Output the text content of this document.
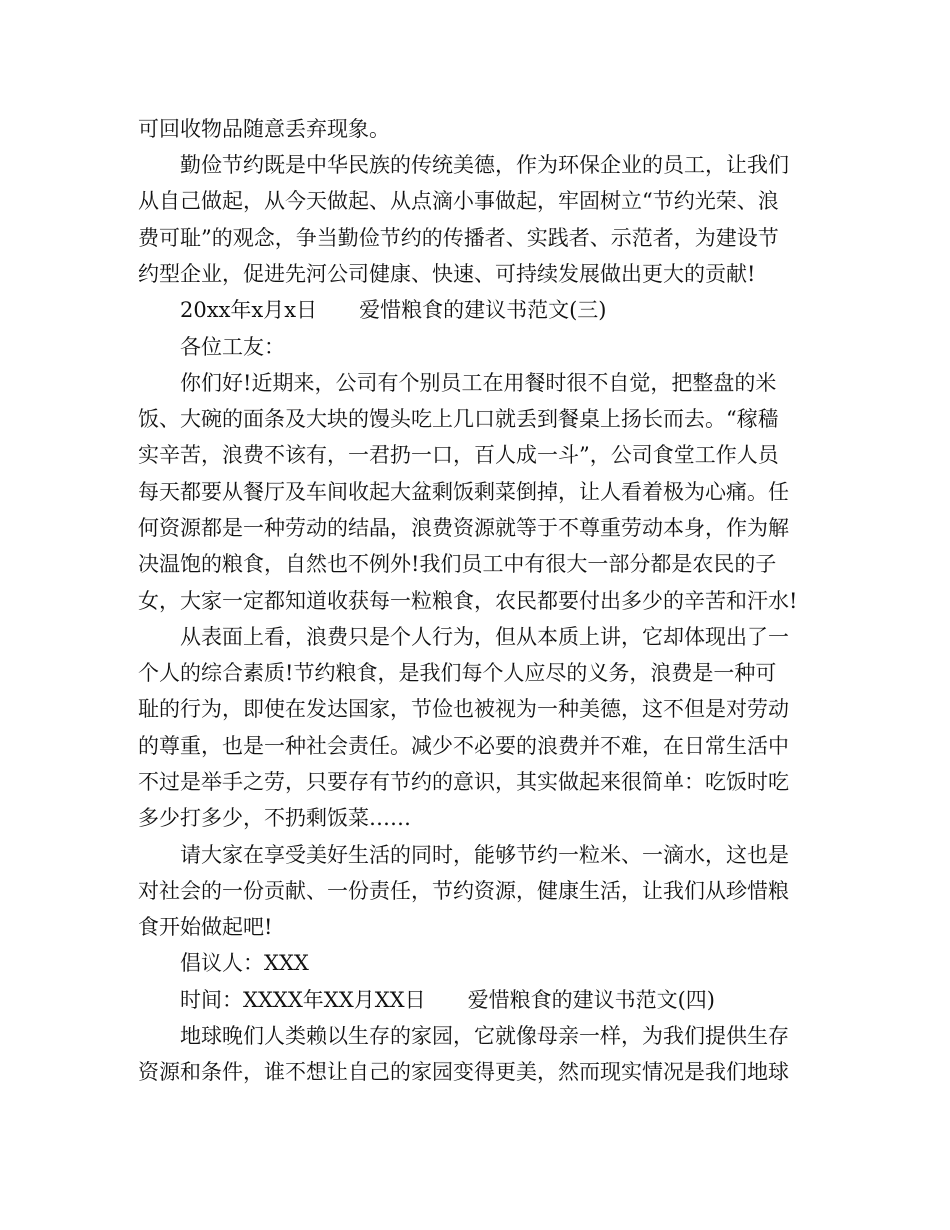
可回收物品随意丢弃现象。
勤俭节约既是中华民族的传统美德，作为环保企业的员工，让我们
从自己做起，从今天做起、从点滴小事做起，牢固树立“节约光荣、浪
费可耻”的观念，争当勤俭节约的传播者、实践者、示范者，为建设节
约型企业，促进先河公司健康、快速、可持续发展做出更大的贡献!
20xx年x月x日　　爱惜粮食的建议书范文(三)
各位工友：
你们好!近期来，公司有个别员工在用餐时很不自觉，把整盘的米
饭、大碗的面条及大块的馒头吃上几口就丢到餐桌上扬长而去。“稼穑
实辛苦，浪费不该有，一君扔一口，百人成一斗”，公司食堂工作人员
每天都要从餐厅及车间收起大盆剩饭剩菜倒掉，让人看着极为心痛。任
何资源都是一种劳动的结晶，浪费资源就等于不尊重劳动本身，作为解
决温饱的粮食，自然也不例外!我们员工中有很大一部分都是农民的子
女，大家一定都知道收获每一粒粮食，农民都要付出多少的辛苦和汗水!
从表面上看，浪费只是个人行为，但从本质上讲，它却体现出了一
个人的综合素质!节约粮食，是我们每个人应尽的义务，浪费是一种可
耻的行为，即使在发达国家，节俭也被视为一种美德，这不但是对劳动
的尊重，也是一种社会责任。减少不必要的浪费并不难，在日常生活中
不过是举手之劳，只要存有节约的意识，其实做起来很简单：吃饭时吃
多少打多少，不扔剩饭菜……
请大家在享受美好生活的同时，能够节约一粒米、一滴水，这也是
对社会的一份贡献、一份责任，节约资源，健康生活，让我们从珍惜粮
食开始做起吧!
倡议人：XXX
时间：XXXX年XX月XX日　　爱惜粮食的建议书范文(四)
地球晚们人类赖以生存的家园，它就像母亲一样，为我们提供生存
资源和条件，谁不想让自己的家园变得更美，然而现实情况是我们地球
